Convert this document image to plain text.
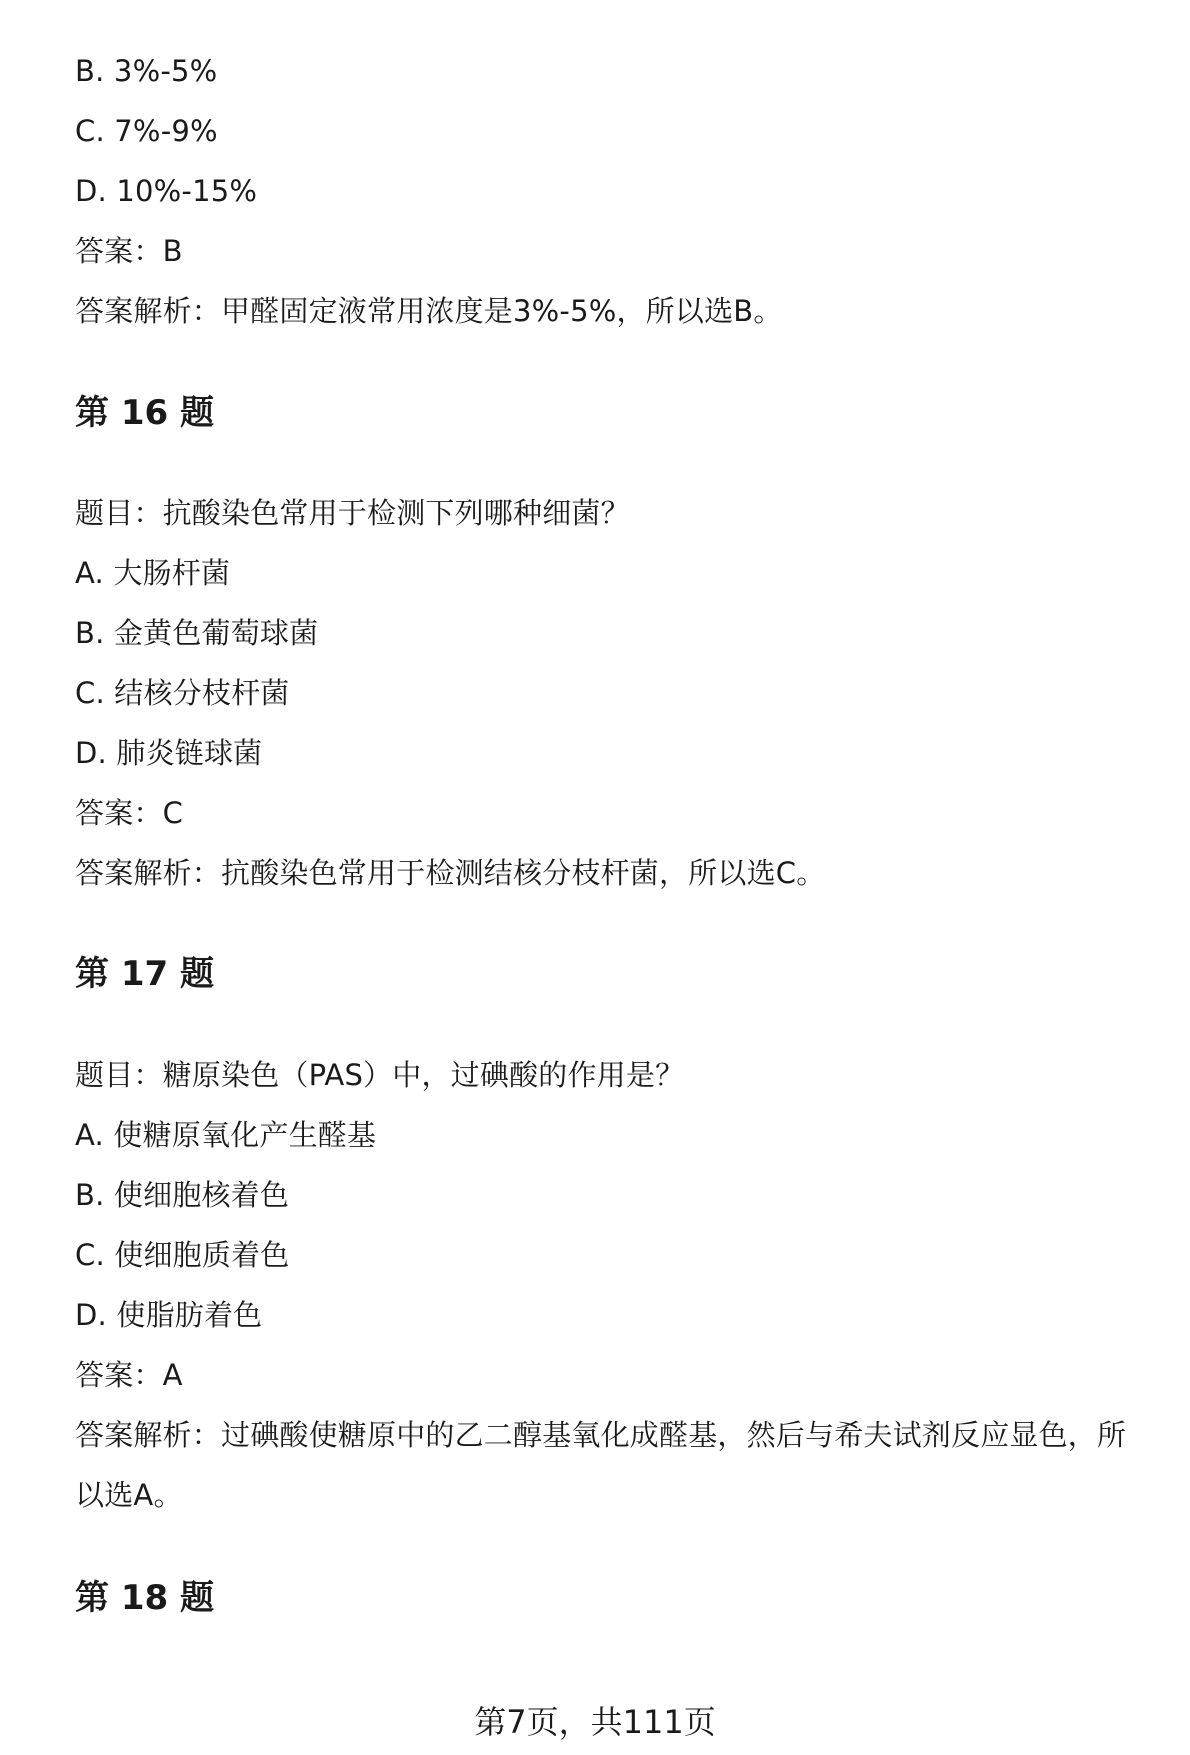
B. 3%-5%
C. 7%-9%
D. 10%-15%
答案：B
答案解析：甲醛固定液常用浓度是3%-5%，所以选B。
第 16 题
题目：抗酸染色常用于检测下列哪种细菌？
A. 大肠杆菌
B. 金黄色葡萄球菌
C. 结核分枝杆菌
D. 肺炎链球菌
答案：C
答案解析：抗酸染色常用于检测结核分枝杆菌，所以选C。
第 17 题
题目：糖原染色（PAS）中，过碘酸的作用是？
A. 使糖原氧化产生醛基
B. 使细胞核着色
C. 使细胞质着色
D. 使脂肪着色
答案：A
答案解析：过碘酸使糖原中的乙二醇基氧化成醛基，然后与希夫试剂反应显色，所以选A。
第 18 题
第7页，共111页
